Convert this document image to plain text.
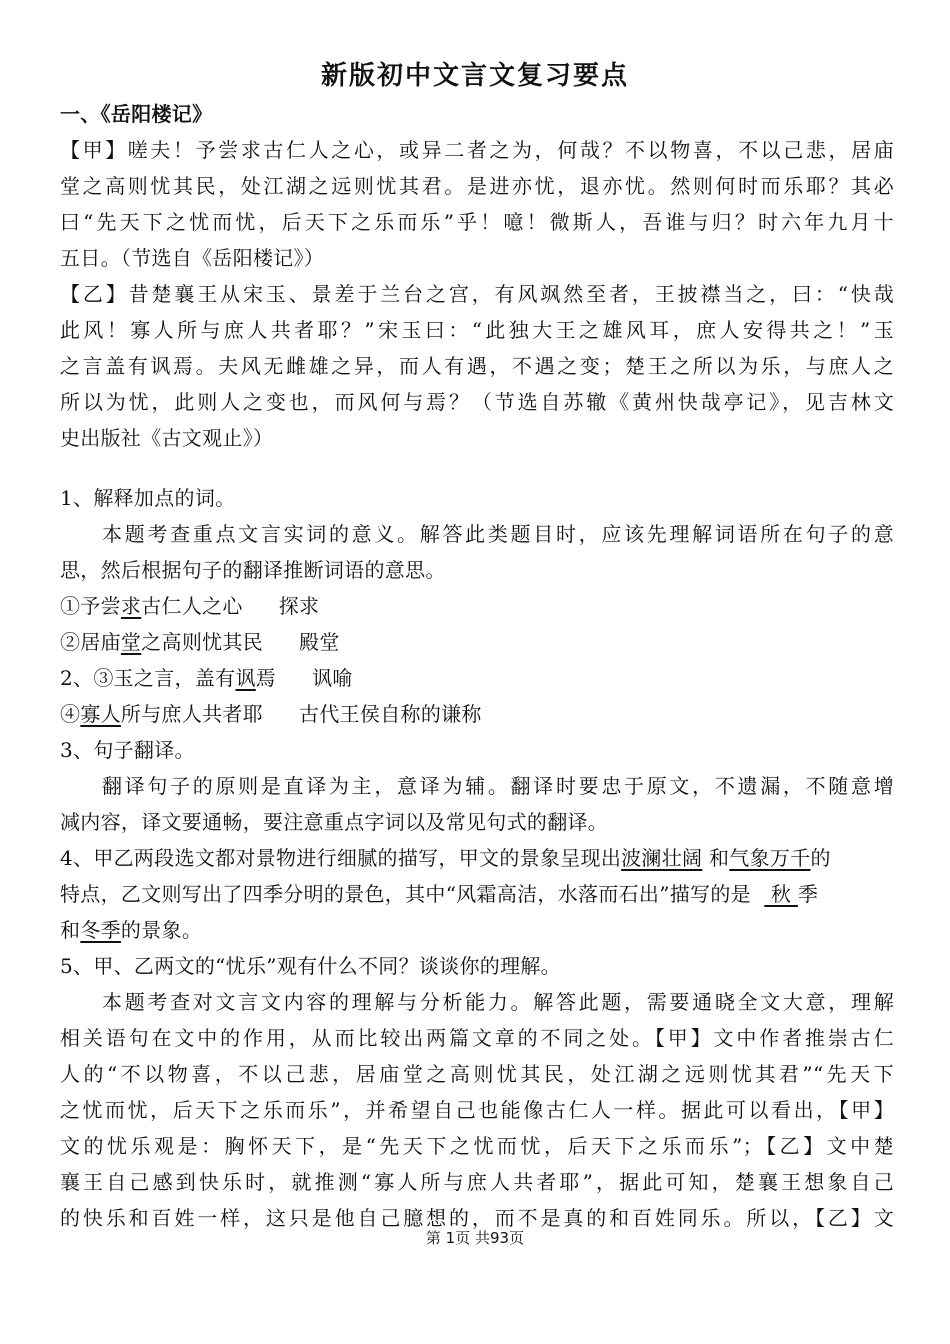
新版初中文言文复习要点
一、《岳阳楼记》
【甲】嗟夫！予尝求古仁人之心，或异二者之为，何哉？不以物喜，不以己悲，居庙
堂之高则忧其民，处江湖之远则忧其君。是进亦忧，退亦忧。然则何时而乐耶？其必
曰“先天下之忧而忧，后天下之乐而乐”乎！噫！微斯人，吾谁与归？时六年九月十
五日。（节选自《岳阳楼记》）
【乙】昔楚襄王从宋玉、景差于兰台之宫，有风飒然至者，王披襟当之，曰：“快哉
此风！寡人所与庶人共者耶？”宋玉曰：“此独大王之雄风耳，庶人安得共之！”玉
之言盖有讽焉。夫风无雌雄之异，而人有遇，不遇之变；楚王之所以为乐，与庶人之
所以为忧，此则人之变也，而风何与焉？（节选自苏辙《黄州快哉亭记》，见吉林文
史出版社《古文观止》）
1、解释加点的词。
本题考查重点文言实词的意义。解答此类题目时，应该先理解词语所在句子的意
思，然后根据句子的翻译推断词语的意思。
①予尝求古仁人之心 探求
②居庙堂之高则忧其民 殿堂
2、③玉之言，盖有讽焉 讽喻
④寡人所与庶人共者耶 古代王侯自称的谦称
3、句子翻译。
翻译句子的原则是直译为主，意译为辅。翻译时要忠于原文，不遗漏，不随意增
减内容，译文要通畅，要注意重点字词以及常见句式的翻译。
4、甲乙两段选文都对景物进行细腻的描写，甲文的景象呈现出波澜壮阔 和气象万千的
特点，乙文则写出了四季分明的景色，其中“风霜高洁，水落而石出”描写的是   秋 季
和冬季的景象。
5、甲、乙两文的“忧乐”观有什么不同？谈谈你的理解。
本题考查对文言文内容的理解与分析能力。解答此题，需要通晓全文大意，理解
相关语句在文中的作用，从而比较出两篇文章的不同之处。【甲】文中作者推崇古仁
人的“不以物喜，不以己悲，居庙堂之高则忧其民，处江湖之远则忧其君”“先天下
之忧而忧，后天下之乐而乐”，并希望自己也能像古仁人一样。据此可以看出，【甲】
文的忧乐观是：胸怀天下，是“先天下之忧而忧，后天下之乐而乐”；【乙】文中楚
襄王自己感到快乐时，就推测“寡人所与庶人共者耶”，据此可知，楚襄王想象自己
的快乐和百姓一样，这只是他自己臆想的，而不是真的和百姓同乐。所以，【乙】文
第 1页 共93页
